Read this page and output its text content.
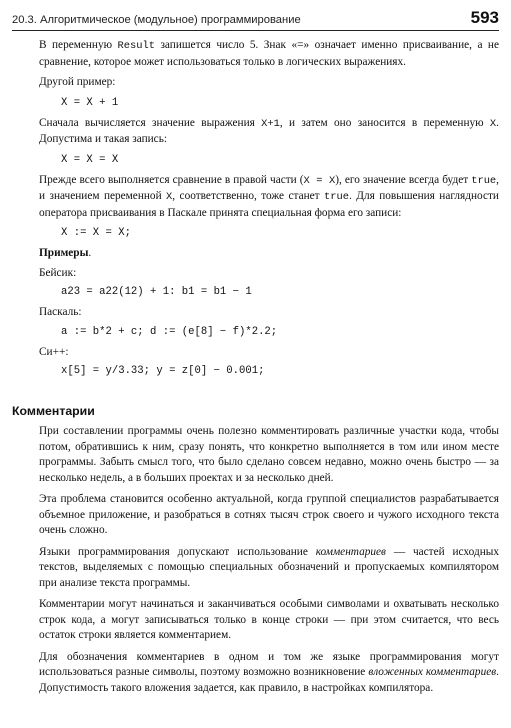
20.3. Алгоритмическое (модульное) программирование	593

В переменную Result запишется число 5. Знак «=» означает именно присваивание, а не сравнение, которое может использоваться только в логических выражениях.

Другой пример:

X = X + 1

Сначала вычисляется значение выражения X+1, и затем оно заносится в переменную X. Допустима и такая запись:

X = X = X

Прежде всего выполняется сравнение в правой части (X = X), его значение всегда будет true, и значением переменной X, соответственно, тоже станет true. Для повышения наглядности оператора присваивания в Паскале принята специальная форма его записи:

X := X = X;

Примеры.

Бейсик:

a23 = a22(12) + 1: b1 = b1 − 1

Паскаль:

a := b*2 + c; d := (e[8] − f)*2.2;

Си++:

x[5] = y/3.33; y = z[0] − 0.001;
Комментарии

При составлении программы очень полезно комментировать различные участки кода, чтобы потом, обратившись к ним, сразу понять, что конкретно выполняется в том или ином месте программы. Забыть смысл того, что было сделано совсем недавно, можно очень быстро — за несколько недель, а в больших проектах и за несколько дней.

Эта проблема становится особенно актуальной, когда группой специалистов разрабатывается объемное приложение, и разобраться в сотнях тысяч строк своего и чужого исходного текста очень сложно.

Языки программирования допускают использование комментариев — частей исходных текстов, выделяемых с помощью специальных обозначений и пропускаемых компилятором при анализе текста программы.

Комментарии могут начинаться и заканчиваться особыми символами и охватывать несколько строк кода, а могут записываться только в конце строки — при этом считается, что весь остаток строки является комментарием.

Для обозначения комментариев в одном и том же языке программирования могут использоваться разные символы, поэтому возможно возникновение вложенных комментариев. Допустимость такого вложения задается, как правило, в настройках компилятора.
